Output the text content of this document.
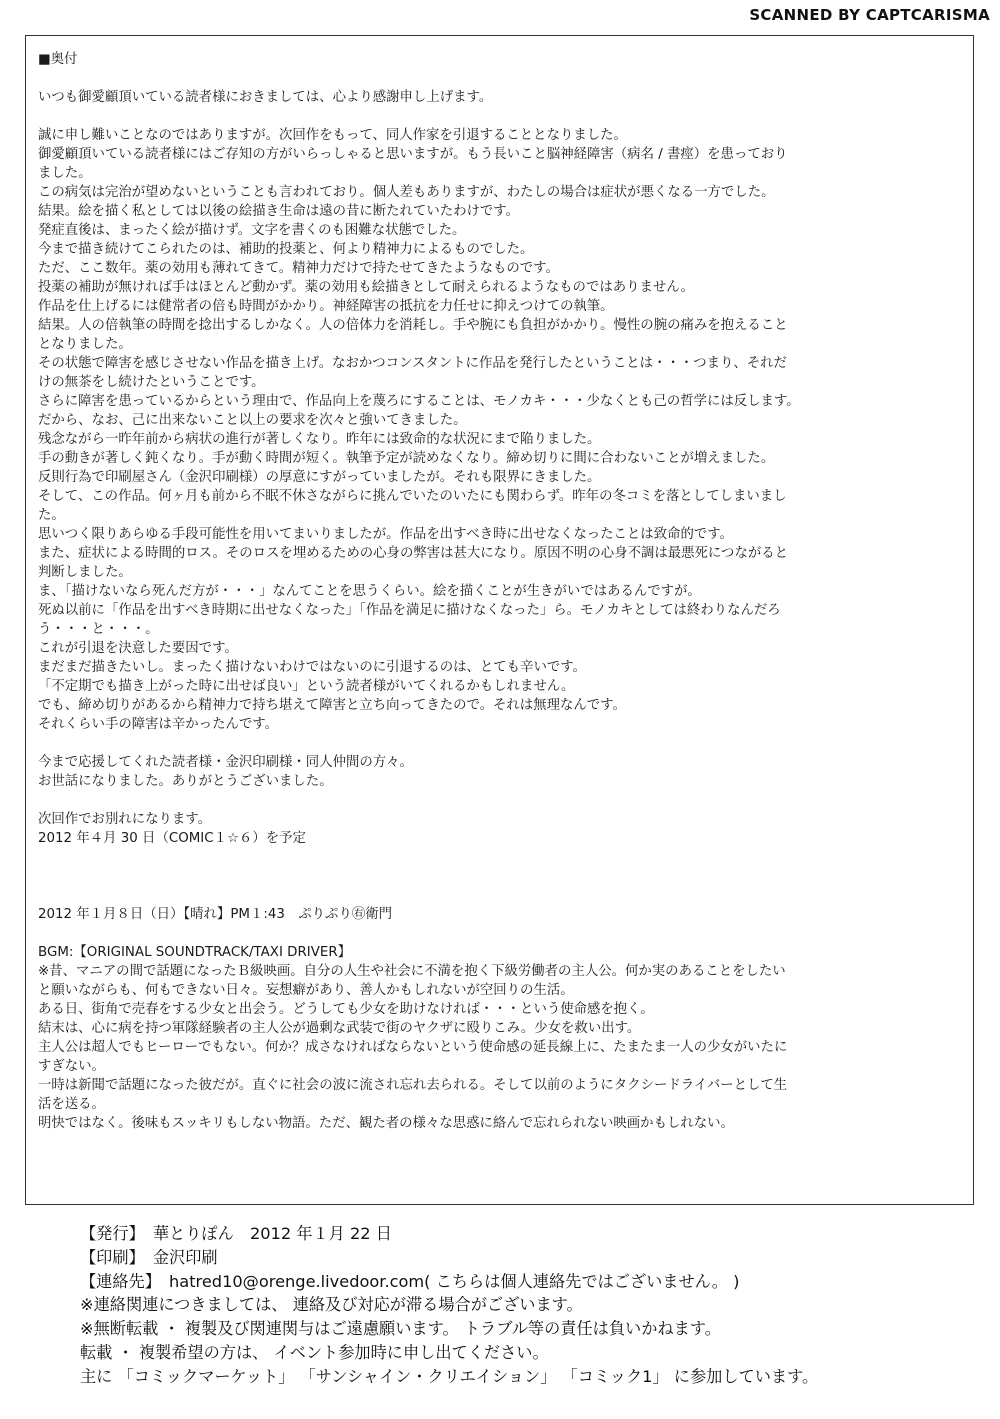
SCANNED BY CAPTCARISMA

■奥付

いつも御愛顧頂いている読者様におきましては、心より感謝申し上げます。

誠に申し難いことなのではありますが。次回作をもって、同人作家を引退することとなりました。

御愛顧頂いている読者様にはご存知の方がいらっしゃると思いますが。もう長いこと脳神経障害（病名 / 書痙）を患っており

ました。

この病気は完治が望めないということも言われており。個人差もありますが、わたしの場合は症状が悪くなる一方でした。

結果。絵を描く私としては以後の絵描き生命は遠の昔に断たれていたわけです。

発症直後は、まったく絵が描けず。文字を書くのも困難な状態でした。

今まで描き続けてこられたのは、補助的投薬と、何より精神力によるものでした。

ただ、ここ数年。薬の効用も薄れてきて。精神力だけで持たせてきたようなものです。

投薬の補助が無ければ手はほとんど動かず。薬の効用も絵描きとして耐えられるようなものではありません。

作品を仕上げるには健常者の倍も時間がかかり。神経障害の抵抗を力任せに抑えつけての執筆。

結果。人の倍執筆の時間を捻出するしかなく。人の倍体力を消耗し。手や腕にも負担がかかり。慢性の腕の痛みを抱えること

となりました。

その状態で障害を感じさせない作品を描き上げ。なおかつコンスタントに作品を発行したということは・・・つまり、それだ

けの無茶をし続けたということです。

さらに障害を患っているからという理由で、作品向上を蔑ろにすることは、モノカキ・・・少なくとも己の哲学には反します。

だから、なお、己に出来ないこと以上の要求を次々と強いてきました。

残念ながら一昨年前から病状の進行が著しくなり。昨年には致命的な状況にまで陥りました。

手の動きが著しく鈍くなり。手が動く時間が短く。執筆予定が読めなくなり。締め切りに間に合わないことが増えました。

反則行為で印刷屋さん（金沢印刷様）の厚意にすがっていましたが。それも限界にきました。

そして、この作品。何ヶ月も前から不眠不休さながらに挑んでいたのいたにも関わらず。昨年の冬コミを落としてしまいまし

た。

思いつく限りあらゆる手段可能性を用いてまいりましたが。作品を出すべき時に出せなくなったことは致命的です。

また、症状による時間的ロス。そのロスを埋めるための心身の弊害は甚大になり。原因不明の心身不調は最悪死につながると

判断しました。

ま、「描けないなら死んだ方が・・・」なんてことを思うくらい。絵を描くことが生きがいではあるんですが。

死ぬ以前に「作品を出すべき時期に出せなくなった」「作品を満足に描けなくなった」ら。モノカキとしては終わりなんだろ

う・・・と・・・。

これが引退を決意した要因です。

まだまだ描きたいし。まったく描けないわけではないのに引退するのは、とても辛いです。

「不定期でも描き上がった時に出せば良い」という読者様がいてくれるかもしれません。

でも、締め切りがあるから精神力で持ち堪えて障害と立ち向ってきたので。それは無理なんです。

それくらい手の障害は辛かったんです。

今まで応援してくれた読者様・金沢印刷様・同人仲間の方々。

お世話になりました。ありがとうございました。

次回作でお別れになります。

2012 年４月 30 日（COMIC１☆６）を予定

2012 年１月８日（日）【晴れ】PM１:43　ぷりぷり㊨衛門

BGM:【ORIGINAL SOUNDTRACK/TAXI DRIVER】

※昔、マニアの間で話題になったＢ級映画。自分の人生や社会に不満を抱く下級労働者の主人公。何か実のあることをしたい

と願いながらも、何もできない日々。妄想癖があり、善人かもしれないが空回りの生活。

ある日、街角で売春をする少女と出会う。どうしても少女を助けなければ・・・という使命感を抱く。

結末は、心に病を持つ軍隊経験者の主人公が過剰な武装で街のヤクザに殴りこみ。少女を救い出す。

主人公は超人でもヒーローでもない。何か？成さなければならないという使命感の延長線上に、たまたま一人の少女がいたに

すぎない。

一時は新聞で話題になった彼だが。直ぐに社会の波に流され忘れ去られる。そして以前のようにタクシードライバーとして生

活を送る。

明快ではなく。後味もスッキリもしない物語。ただ、観た者の様々な思惑に絡んで忘れられない映画かもしれない。

【発行】　華とりぽん　2012 年１月 22 日

【印刷】　金沢印刷

【連絡先】　hatred10@orenge.livedoor.com( こちらは個人連絡先ではございません。 )

※連絡関連につきましては、 連絡及び対応が滞る場合がございます。

※無断転載 ・ 複製及び関連関与はご遠慮願います。 トラブル等の責任は負いかねます。

転載 ・ 複製希望の方は、 イベント参加時に申し出てください。

主に 「コミックマーケット」 「サンシャイン・クリエイション」 「コミック1」 に参加しています。
